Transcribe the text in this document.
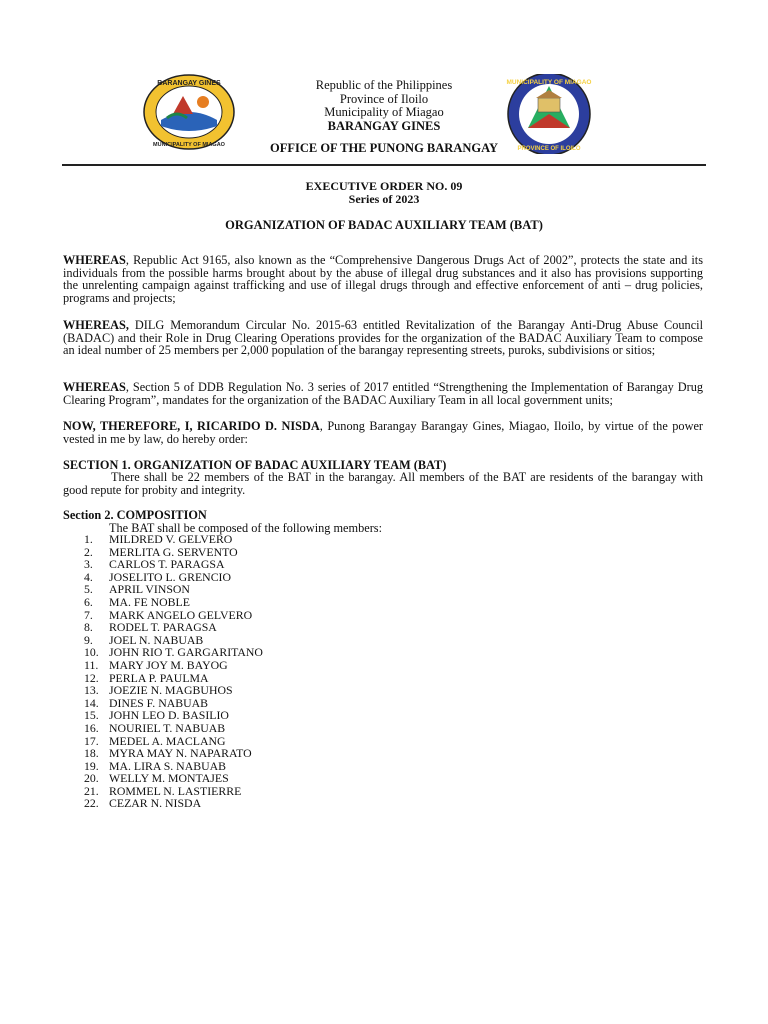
BARANGAY GINES
MUNICIPALITY OF MIAGAO
MUNICIPALITY OF MIAGAO
PROVINCE OF ILOILO
Republic of the Philippines
Province of Iloilo
Municipality of Miagao
BARANGAY GINES
OFFICE OF THE PUNONG BARANGAY
EXECUTIVE ORDER NO. 09
Series of 2023
ORGANIZATION OF BADAC AUXILIARY TEAM (BAT)
WHEREAS, Republic Act 9165, also known as the “Comprehensive Dangerous Drugs Act of 2002”, protects the state and its individuals from the possible harms brought about by the abuse of illegal drug substances and it also has provisions supporting the unrelenting campaign against trafficking and use of illegal drugs through and effective enforcement of anti – drug policies, programs and projects;
WHEREAS, DILG Memorandum Circular No. 2015-63 entitled Revitalization of the Barangay Anti-Drug Abuse Council (BADAC) and their Role in Drug Clearing Operations provides for the organization of the BADAC Auxiliary Team to compose an ideal number of 25 members per 2,000 population of the barangay representing streets, puroks, subdivisions or sitios;
WHEREAS, Section 5 of DDB Regulation No. 3 series of 2017 entitled “Strengthening the Implementation of Barangay Drug Clearing Program”, mandates for the organization of the BADAC Auxiliary Team in all local government units;
NOW, THEREFORE, I, RICARIDO D. NISDA, Punong Barangay Barangay Gines, Miagao, Iloilo, by virtue of the power vested in me by law, do hereby order:
SECTION 1. ORGANIZATION OF BADAC AUXILIARY TEAM (BAT)
There shall be 22 members of the BAT in the barangay. All members of the BAT are residents of the barangay with good repute for probity and integrity.
Section 2. COMPOSITION
The BAT shall be composed of the following members:
1. MILDRED V. GELVERO
2. MERLITA G. SERVENTO
3. CARLOS T. PARAGSA
4. JOSELITO L. GRENCIO
5. APRIL VINSON
6. MA. FE NOBLE
7. MARK ANGELO GELVERO
8. RODEL T. PARAGSA
9. JOEL N. NABUAB
10. JOHN RIO T. GARGARITANO
11. MARY JOY M. BAYOG
12. PERLA P. PAULMA
13. JOEZIE N. MAGBUHOS
14. DINES F. NABUAB
15. JOHN LEO D. BASILIO
16. NOURIEL T. NABUAB
17. MEDEL A. MACLANG
18. MYRA MAY N. NAPARATO
19. MA. LIRA S. NABUAB
20. WELLY M. MONTAJES
21. ROMMEL N. LASTIERRE
22. CEZAR N. NISDA
